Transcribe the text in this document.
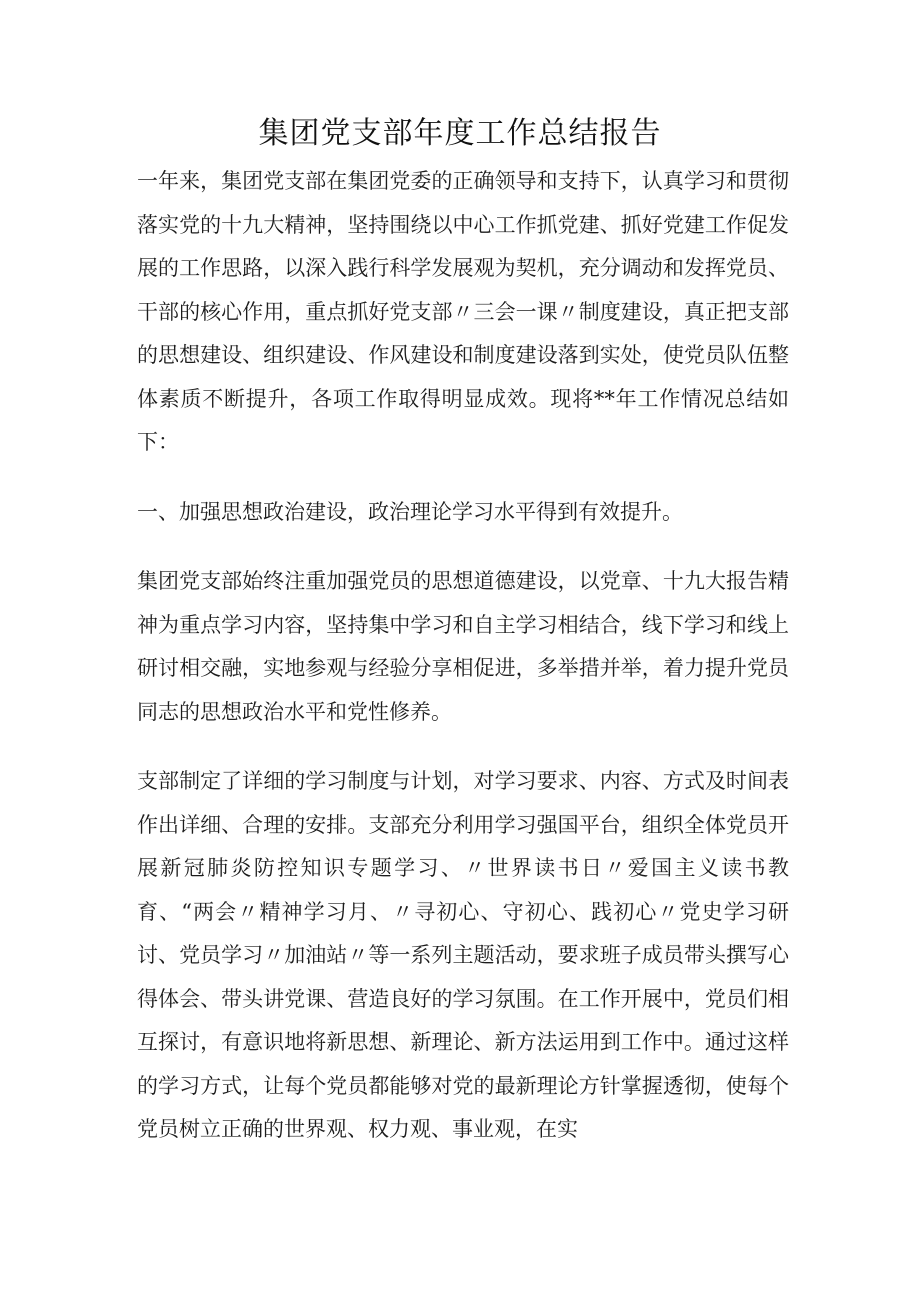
集团党支部年度工作总结报告

一年来，集团党支部在集团党委的正确领导和支持下，认真学习和贯彻落实党的十九大精神，坚持围绕以中心工作抓党建、抓好党建工作促发展的工作思路，以深入践行科学发展观为契机，充分调动和发挥党员、干部的核心作用，重点抓好党支部〃三会一课〃制度建设，真正把支部的思想建设、组织建设、作风建设和制度建设落到实处，使党员队伍整体素质不断提升，各项工作取得明显成效。现将**年工作情况总结如下：

一、加强思想政治建设，政治理论学习水平得到有效提升。

集团党支部始终注重加强党员的思想道德建设，以党章、十九大报告精神为重点学习内容，坚持集中学习和自主学习相结合，线下学习和线上研讨相交融，实地参观与经验分享相促进，多举措并举，着力提升党员同志的思想政治水平和党性修养。

支部制定了详细的学习制度与计划，对学习要求、内容、方式及时间表作出详细、合理的安排。支部充分利用学习强国平台，组织全体党员开展新冠肺炎防控知识专题学习、〃世界读书日〃爱国主义读书教育、“两会〃精神学习月、〃寻初心、守初心、践初心〃党史学习研讨、党员学习〃加油站〃等一系列主题活动，要求班子成员带头撰写心得体会、带头讲党课、营造良好的学习氛围。在工作开展中，党员们相互探讨，有意识地将新思想、新理论、新方法运用到工作中。通过这样的学习方式，让每个党员都能够对党的最新理论方针掌握透彻，使每个党员树立正确的世界观、权力观、事业观，在实
